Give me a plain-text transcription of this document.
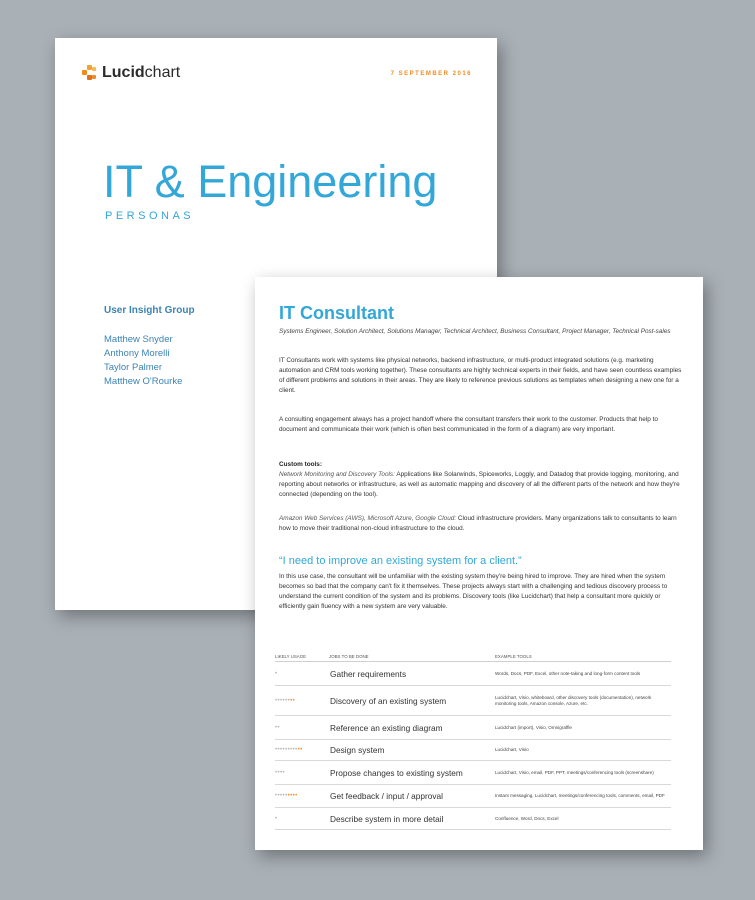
Lucidchart	7 SEPTEMBER 2016
IT & Engineering
PERSONAS
User Insight Group
Matthew Snyder
Anthony Morelli
Taylor Palmer
Matthew O'Rourke
IT Consultant
Systems Engineer, Solution Architect, Solutions Manager, Technical Architect, Business Consultant, Project Manager, Technical Post-sales
IT Consultants work with systems like physical networks, backend infrastructure, or multi-product integrated solutions (e.g. marketing automation and CRM tools working together). These consultants are highly technical experts in their fields, and have seen countless examples of different problems and solutions in their areas. They are likely to reference previous solutions as templates when designing a new one for a client.
A consulting engagement always has a project handoff where the consultant transfers their work to the customer. Products that help to document and communicate their work (which is often best communicated in the form of a diagram) are very important.
Custom tools:
Network Monitoring and Discovery Tools: Applications like Solarwinds, Spiceworks, Loggly, and Datadog that provide logging, monitoring, and reporting about networks or infrastructure, as well as automatic mapping and discovery of all the different parts of the network and how they're connected (depending on the tool).
Amazon Web Services (AWS), Microsoft Azure, Google Cloud: Cloud infrastructure providers. Many organizations talk to consultants to learn how to move their traditional non-cloud infrastructure to the cloud.
“I need to improve an existing system for a client.”
In this use case, the consultant will be unfamiliar with the existing system they're being hired to improve. They are hired when the system becomes so bad that the company can't fix it themselves. These projects always start with a challenging and tedious discovery process to understand the current condition of the system and its problems. Discovery tools (like Lucidchart) that help a consultant more quickly or efficiently gain fluency with a new system are very valuable.
LIKELY USAGE	JOBS TO BE DONE	EXAMPLE TOOLS
•	Gather requirements	Words, Docs, PDF, Excel, other note-taking and long-form content tools
••••••••	Discovery of an existing system	Lucidchart, Visio, whiteboard, other discovery tools (documentation), network monitoring tools, Amazon console, Azure, etc.
••	Reference an existing diagram	Lucidchart (import), Visio, Omnigraffle
•••••••••••	Design system	Lucidchart, Visio
••••	Propose changes to existing system	Lucidchart, Visio, email, PDF, PPT, meetings/conferencing tools (screenshare)
•••••••••	Get feedback / input / approval	Instant messaging, Lucidchart, meetings/conferencing tools, comments, email, PDF
•	Describe system in more detail	Confluence, Word, Docs, Excel
